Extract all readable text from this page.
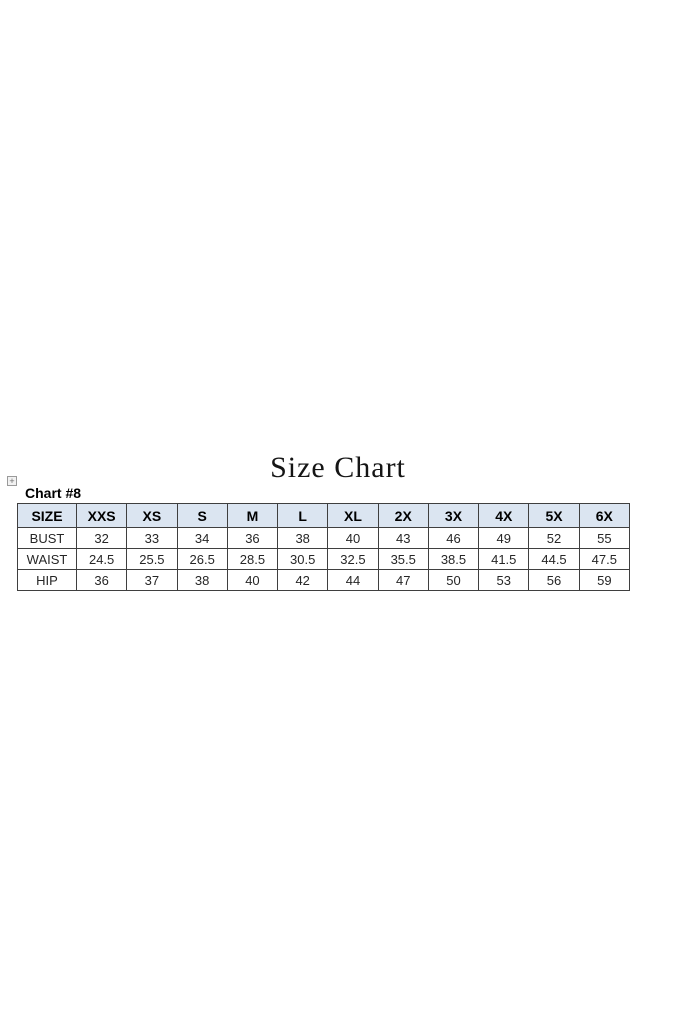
Size Chart
+
Chart #8
SIZE	XXS	XS	S	M	L	XL	2X	3X	4X	5X	6X
BUST	32	33	34	36	38	40	43	46	49	52	55
WAIST	24.5	25.5	26.5	28.5	30.5	32.5	35.5	38.5	41.5	44.5	47.5
HIP	36	37	38	40	42	44	47	50	53	56	59
